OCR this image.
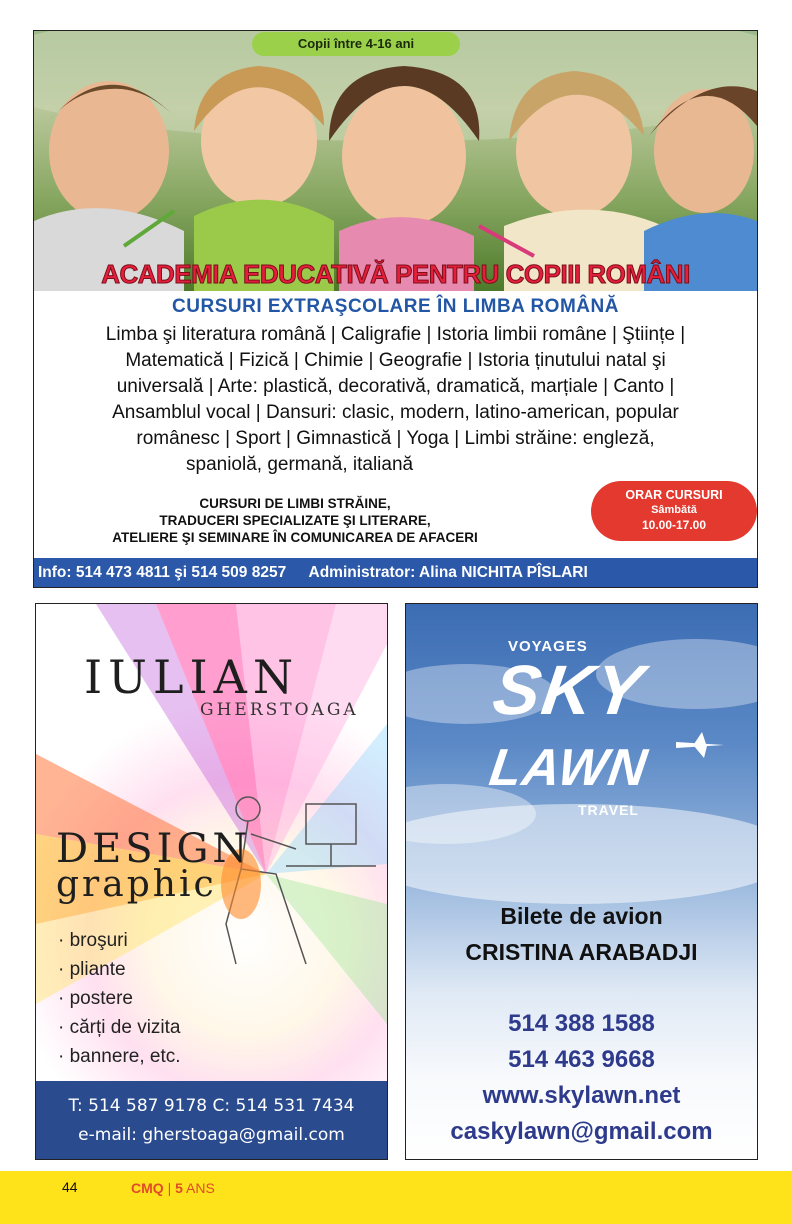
Copii între 4-16 ani
ACADEMIA EDUCATIVĂ PENTRU COPIII ROMÂNI
CURSURI EXTRAŞCOLARE ÎN LIMBA ROMÂNĂ
Limba şi literatura română | Caligrafie | Istoria limbii române | Ştiințe |
Matematică | Fizică | Chimie | Geografie | Istoria ținutului natal şi
universală | Arte: plastică, decorativă, dramatică, marțiale | Canto |
Ansamblul vocal | Dansuri: clasic, modern, latino-american, popular
românesc | Sport | Gimnastică | Yoga | Limbi străine: engleză,
spaniolă, germană, italiană
CURSURI DE LIMBI STRĂINE,
TRADUCERI SPECIALIZATE ŞI LITERARE,
ATELIERE ŞI SEMINARE ÎN COMUNICAREA DE AFACERI
ORAR CURSURI
Sâmbătă
10.00-17.00
Info: 514 473 4811 şi 514 509 8257 Administrator: Alina NICHITA PÎSLARI
IULIAN
GHERSTOAGA
DESIGN
graphic
· broşuri
· pliante
· postere
· cărți de vizita
· bannere, etc.
T: 514 587 9178 C: 514 531 7434
e-mail: gherstoaga@gmail.com
VOYAGES
SKY
LAWN
TRAVEL
Bilete de avion
CRISTINA ARABADJI
514 388 1588
514 463 9668
www.skylawn.net
caskylawn@gmail.com
44	CMQ | 5 ANS
